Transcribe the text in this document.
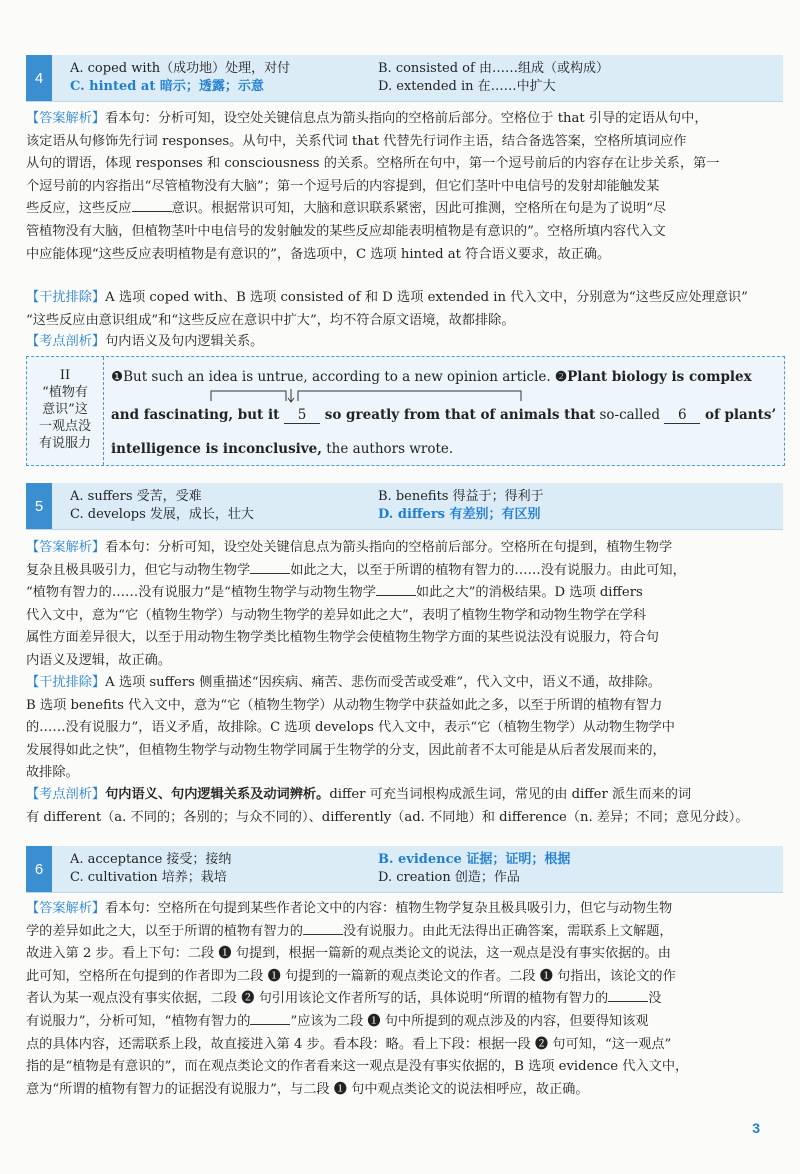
4
A. coped with（成功地）处理，对付	B. consisted of 由……组成（或构成）
C. hinted at 暗示；透露；示意	D. extended in 在……中扩大
【答案解析】看本句：分析可知，设空处关键信息点为箭头指向的空格前后部分。空格位于 that 引导的定语从句中，
该定语从句修饰先行词 responses。从句中，关系代词 that 代替先行词作主语，结合备选答案，空格所填词应作
从句的谓语，体现 responses 和 consciousness 的关系。空格所在句中，第一个逗号前后的内容存在让步关系，第一
个逗号前的内容指出“尽管植物没有大脑”；第一个逗号后的内容提到，但它们茎叶中电信号的发射却能触发某
些反应，这些反应	意识。根据常识可知，大脑和意识联系紧密，因此可推测，空格所在句是为了说明“尽
管植物没有大脑，但植物茎叶中电信号的发射触发的某些反应却能表明植物是有意识的”。空格所填内容代入文
中应能体现“这些反应表明植物是有意识的”，备选项中，C 选项 hinted at 符合语义要求，故正确。
【干扰排除】A 选项 coped with、B 选项 consisted of 和 D 选项 extended in 代入文中，分别意为“这些反应处理意识”
“这些反应由意识组成”和“这些反应在意识中扩大”，均不符合原文语境，故都排除。
【考点剖析】句内语义及句内逻辑关系。
II
“植物有
意识”这
一观点没
有说服力
❶But such an idea is untrue, according to a new opinion article. ❷Plant biology is complex
and fascinating, but it 5 so greatly from that of animals that so-called 6 of plants’
intelligence is inconclusive, the authors wrote.
5
A. suffers 受苦，受难	B. benefits 得益于；得利于
C. develops 发展，成长，壮大	D. differs 有差别；有区别
【答案解析】看本句：分析可知，设空处关键信息点为箭头指向的空格前后部分。空格所在句提到，植物生物学
复杂且极具吸引力，但它与动物生物学	如此之大，以至于所谓的植物有智力的……没有说服力。由此可知，
“植物有智力的……没有说服力”是“植物生物学与动物生物学	如此之大”的消极结果。D 选项 differs
代入文中，意为“它（植物生物学）与动物生物学的差异如此之大”，表明了植物生物学和动物生物学在学科
属性方面差异很大，以至于用动物生物学类比植物生物学会使植物生物学方面的某些说法没有说服力，符合句
内语义及逻辑，故正确。
【干扰排除】A 选项 suffers 侧重描述“因疾病、痛苦、悲伤而受苦或受难”，代入文中，语义不通，故排除。
B 选项 benefits 代入文中，意为“它（植物生物学）从动物生物学中获益如此之多，以至于所谓的植物有智力
的……没有说服力”，语义矛盾，故排除。C 选项 develops 代入文中，表示“它（植物生物学）从动物生物学中
发展得如此之快”，但植物生物学与动物生物学同属于生物学的分支，因此前者不太可能是从后者发展而来的，
故排除。
【考点剖析】句内语义、句内逻辑关系及动词辨析。differ 可充当词根构成派生词，常见的由 differ 派生而来的词
有 different（a. 不同的；各别的；与众不同的）、differently（ad. 不同地）和 difference（n. 差异；不同；意见分歧）。
6
A. acceptance 接受；接纳	B. evidence 证据；证明；根据
C. cultivation 培养；栽培	D. creation 创造；作品
【答案解析】看本句：空格所在句提到某些作者论文中的内容：植物生物学复杂且极具吸引力，但它与动物生物
学的差异如此之大，以至于所谓的植物有智力的	没有说服力。由此无法得出正确答案，需联系上文解题，
故进入第 2 步。看上下句：二段 ❶ 句提到，根据一篇新的观点类论文的说法，这一观点是没有事实依据的。由
此可知，空格所在句提到的作者即为二段 ❶ 句提到的一篇新的观点类论文的作者。二段 ❶ 句指出，该论文的作
者认为某一观点没有事实依据，二段 ❷ 句引用该论文作者所写的话，具体说明“所谓的植物有智力的	没
有说服力”，分析可知，“植物有智力的	”应该为二段 ❶ 句中所提到的观点涉及的内容，但要得知该观
点的具体内容，还需联系上段，故直接进入第 4 步。看本段：略。看上下段：根据一段 ❷ 句可知，“这一观点”
指的是“植物是有意识的”，而在观点类论文的作者看来这一观点是没有事实依据的，B 选项 evidence 代入文中，
意为“所谓的植物有智力的证据没有说服力”，与二段 ❶ 句中观点类论文的说法相呼应，故正确。
3
